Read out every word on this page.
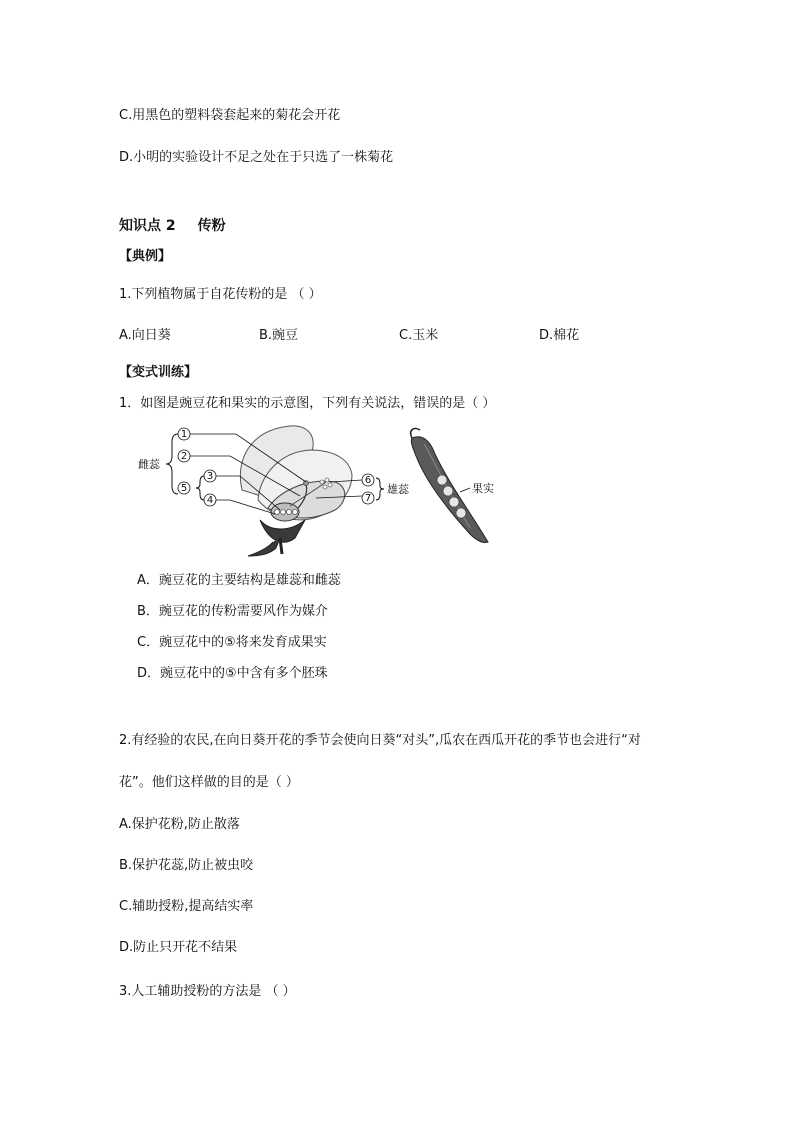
C.用黑色的塑料袋套起来的菊花会开花
D.小明的实验设计不足之处在于只选了一株菊花
知识点 2 传粉
【典例】
1.下列植物属于自花传粉的是 （ ）
A.向日葵	B.豌豆	C.玉米	D.棉花
【变式训练】
1．如图是豌豆花和果实的示意图，下列有关说法，错误的是（ ）
雌蕊
1
2
3
5
4
6
7
雄蕊	果实
A．豌豆花的主要结构是雄蕊和雌蕊
B．豌豆花的传粉需要风作为媒介
C．豌豆花中的⑤将来发育成果实
D．豌豆花中的⑤中含有多个胚珠
2.有经验的农民,在向日葵开花的季节会使向日葵“对头”,瓜农在西瓜开花的季节也会进行“对
花”。他们这样做的目的是（ ）
A.保护花粉,防止散落
B.保护花蕊,防止被虫咬
C.辅助授粉,提高结实率
D.防止只开花不结果
3.人工辅助授粉的方法是 （ ）
